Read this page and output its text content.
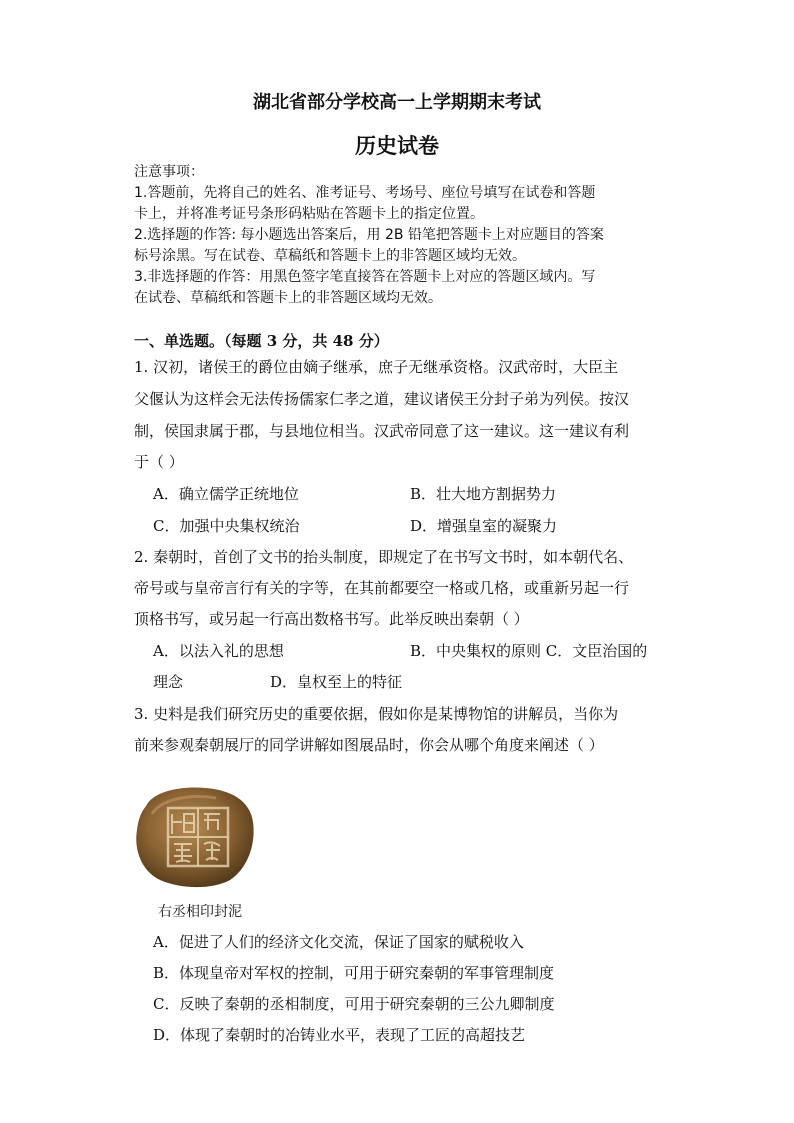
湖北省部分学校高一上学期期末考试
历史试卷
注意事项：
1.答题前，先将自己的姓名、准考证号、考场号、座位号填写在试卷和答题
卡上，并将准考证号条形码粘贴在答题卡上的指定位置。
2.选择题的作答: 每小题选出答案后，用 2B 铅笔把答题卡上对应题目的答案
标号涂黑。写在试卷、草稿纸和答题卡上的非答题区域均无效。
3.非选择题的作答：用黑色签字笔直接答在答题卡上对应的答题区域内。写
在试卷、草稿纸和答题卡上的非答题区域均无效。
一、单选题。（每题 3 分，共 48 分）
1. 汉初，诸侯王的爵位由嫡子继承，庶子无继承资格。汉武帝时，大臣主
父偃认为这样会无法传扬儒家仁孝之道，建议诸侯王分封子弟为列侯。按汉
制，侯国隶属于郡，与县地位相当。汉武帝同意了这一建议。这一建议有利
于（ ）
A．确立儒学正统地位	B．壮大地方割据势力
C．加强中央集权统治	D．增强皇室的凝聚力
2. 秦朝时，首创了文书的抬头制度，即规定了在书写文书时，如本朝代名、
帝号或与皇帝言行有关的字等，在其前都要空一格或几格，或重新另起一行
顶格书写，或另起一行高出数格书写。此举反映出秦朝（ ）
A．以法入礼的思想	B．中央集权的原则 C．文臣治国的
理念	D．皇权至上的特征
3. 史料是我们研究历史的重要依据，假如你是某博物馆的讲解员，当你为
前来参观秦朝展厅的同学讲解如图展品时，你会从哪个角度来阐述（ ）
右丞相印封泥
A．促进了人们的经济文化交流，保证了国家的赋税收入
B．体现皇帝对军权的控制，可用于研究秦朝的军事管理制度
C．反映了秦朝的丞相制度，可用于研究秦朝的三公九卿制度
D．体现了秦朝时的冶铸业水平，表现了工匠的高超技艺
